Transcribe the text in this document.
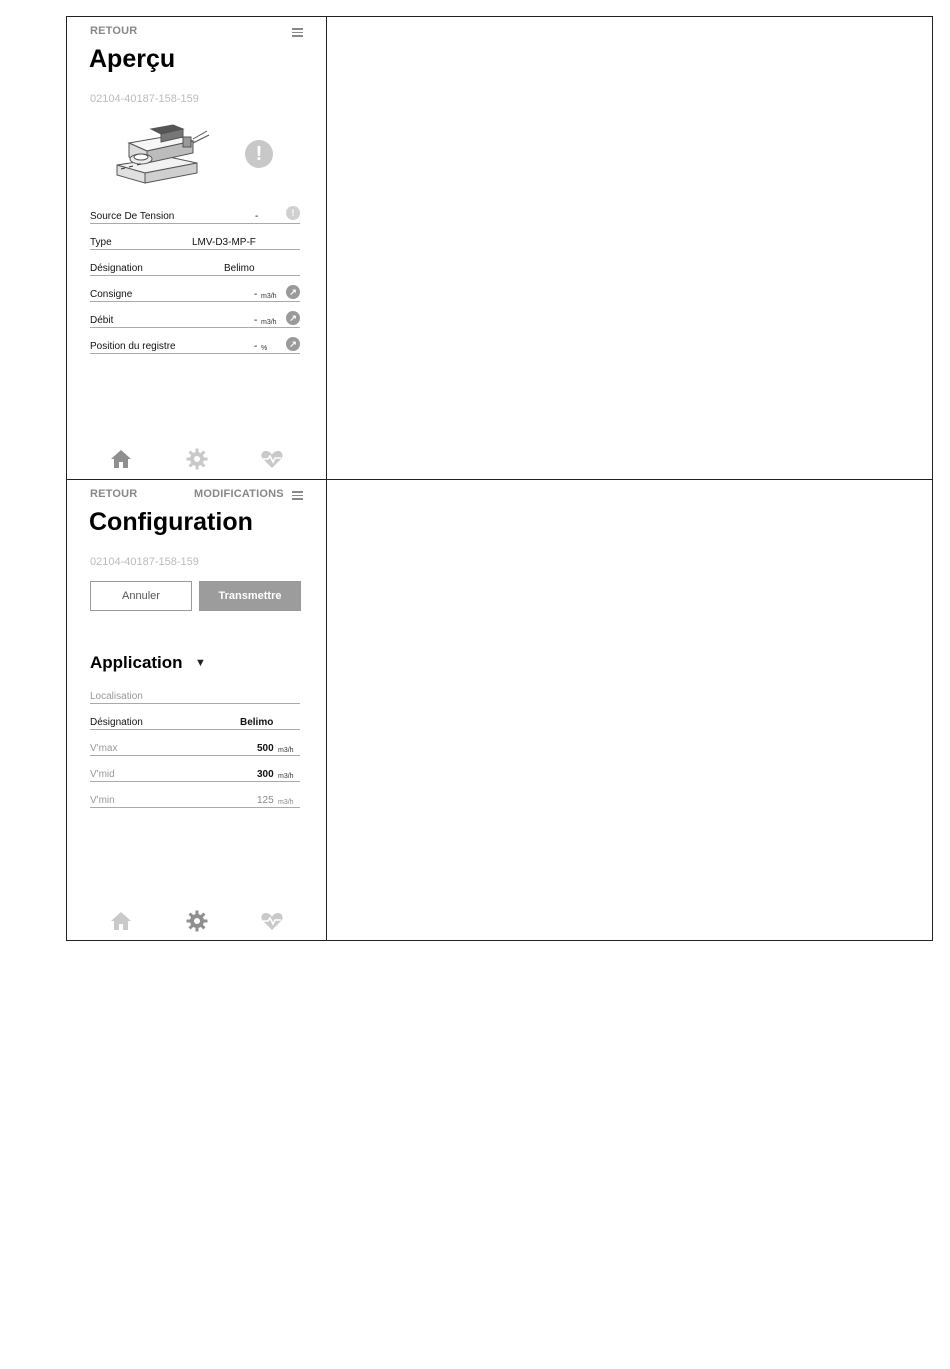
RETOUR
Aperçu
02104-40187-158-159
!
Source De Tension	-	!
Type	LMV-D3-MP-F
Désignation	Belimo
Consigne	- m3/h	↗
Débit	- m3/h	↗
Position du registre	- %	↗
RETOUR	MODIFICATIONS
Configuration
02104-40187-158-159
Annuler	Transmettre
Application ▼
Localisation
Désignation	Belimo
V'max	500 m3/h
V'mid	300 m3/h
V'min	125 m3/h
